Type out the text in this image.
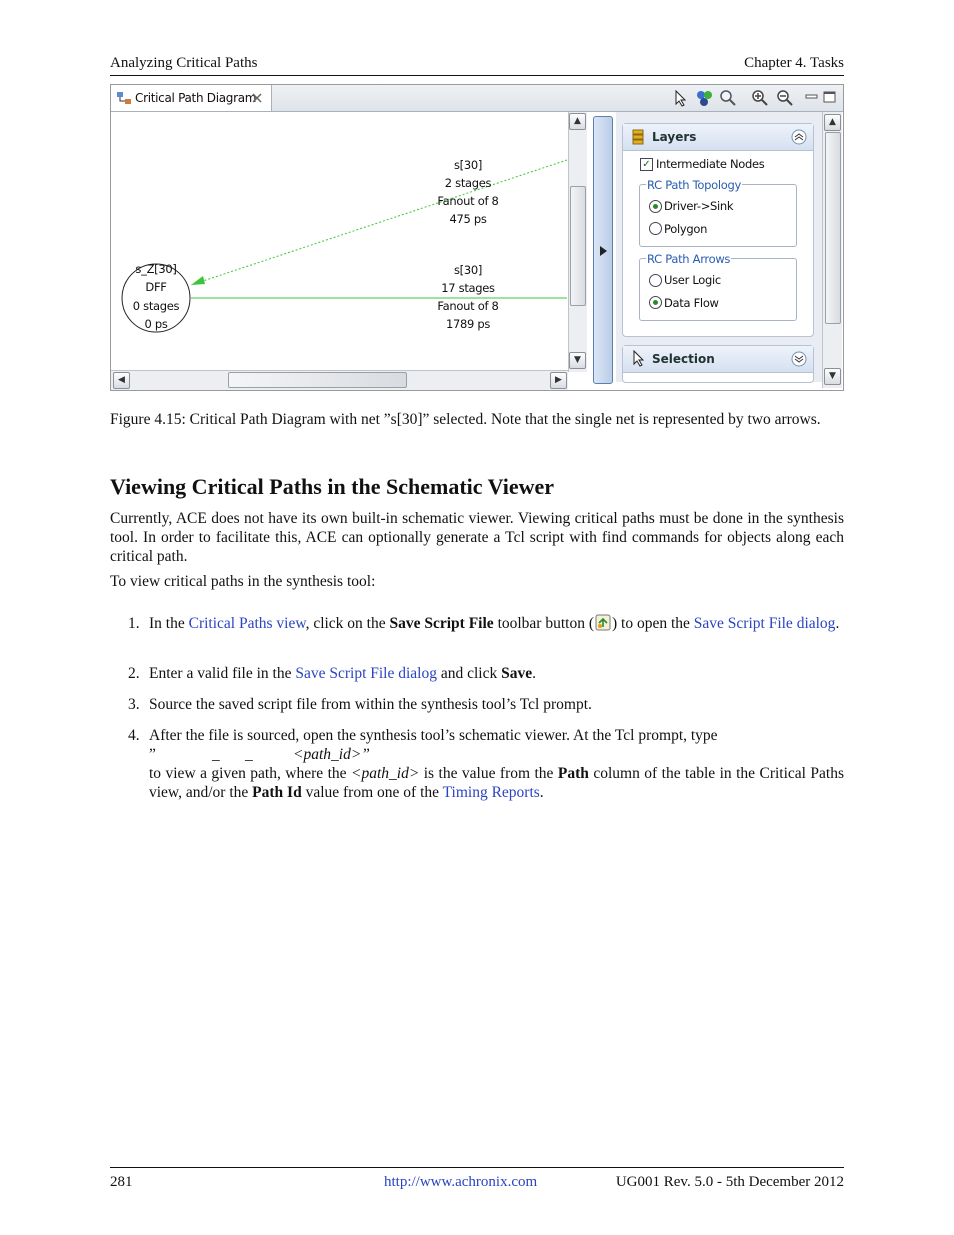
Analyzing Critical Paths	Chapter 4. Tasks
Critical Path Diagram
s[30]
2 stages
Fanout of 8
475 ps
s[30]
17 stages
Fanout of 8
1789 ps
s_Z[30]
DFF
0 stages
0 ps
▲
▼
◀	▶
Layers
✓ Intermediate Nodes
RC Path Topology
Driver->Sink
Polygon
RC Path Arrows
User Logic
Data Flow
Selection
▲
▼
Figure 4.15: Critical Path Diagram with net ”s[30]” selected. Note that the single net is represented by two arrows.
Viewing Critical Paths in the Schematic Viewer
Currently, ACE does not have its own built-in schematic viewer. Viewing critical paths must be done in the synthesis tool. In order to facilitate this, ACE can optionally generate a Tcl script with find commands for objects along each critical path.
To view critical paths in the synthesis tool:
1. In the Critical Paths view, click on the Save Script File toolbar button ( ) to open the Save Script File dialog.
2. Enter a valid file in the Save Script File dialog and click Save.
3. Source the saved script file from within the synthesis tool’s Tcl prompt.
4. After the file is sourced, open the synthesis tool’s schematic viewer. At the Tcl prompt, type
”	_ _	<path_id>”
to view a given path, where the <path_id> is the value from the Path column of the table in the Critical Paths view, and/or the Path Id value from one of the Timing Reports.
281	http://www.achronix.com	UG001 Rev. 5.0 - 5th December 2012
